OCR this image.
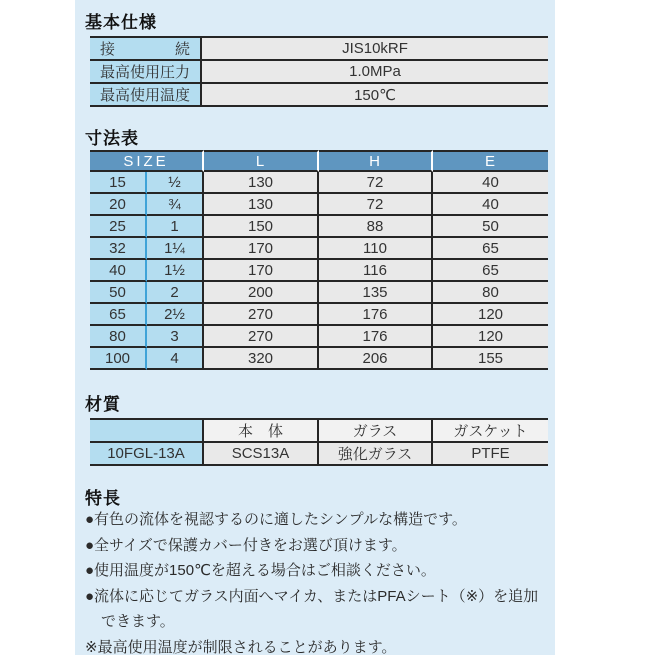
基本仕様
接　　　　続	JIS10kRF
最高使用圧力	1.0MPa
最高使用温度	150℃
寸法表
SIZE		L	H	E
15	½	130	72	40
20	¾	130	72	40
25	1	150	88	50
32	1¼	170	110	65
40	1½	170	116	65
50	2	200	135	80
65	2½	270	176	120
80	3	270	176	120
100	4	320	206	155
材質
	本　体	ガラス	ガスケット
10FGL-13A	SCS13A	強化ガラス	PTFE
特長
●有色の流体を視認するのに適したシンプルな構造です。
●全サイズで保護カバー付きをお選び頂けます。
●使用温度が150℃を超える場合はご相談ください。
●流体に応じてガラス内面へマイカ、またはPFAシート（※）を追加できます。
※最高使用温度が制限されることがあります。
